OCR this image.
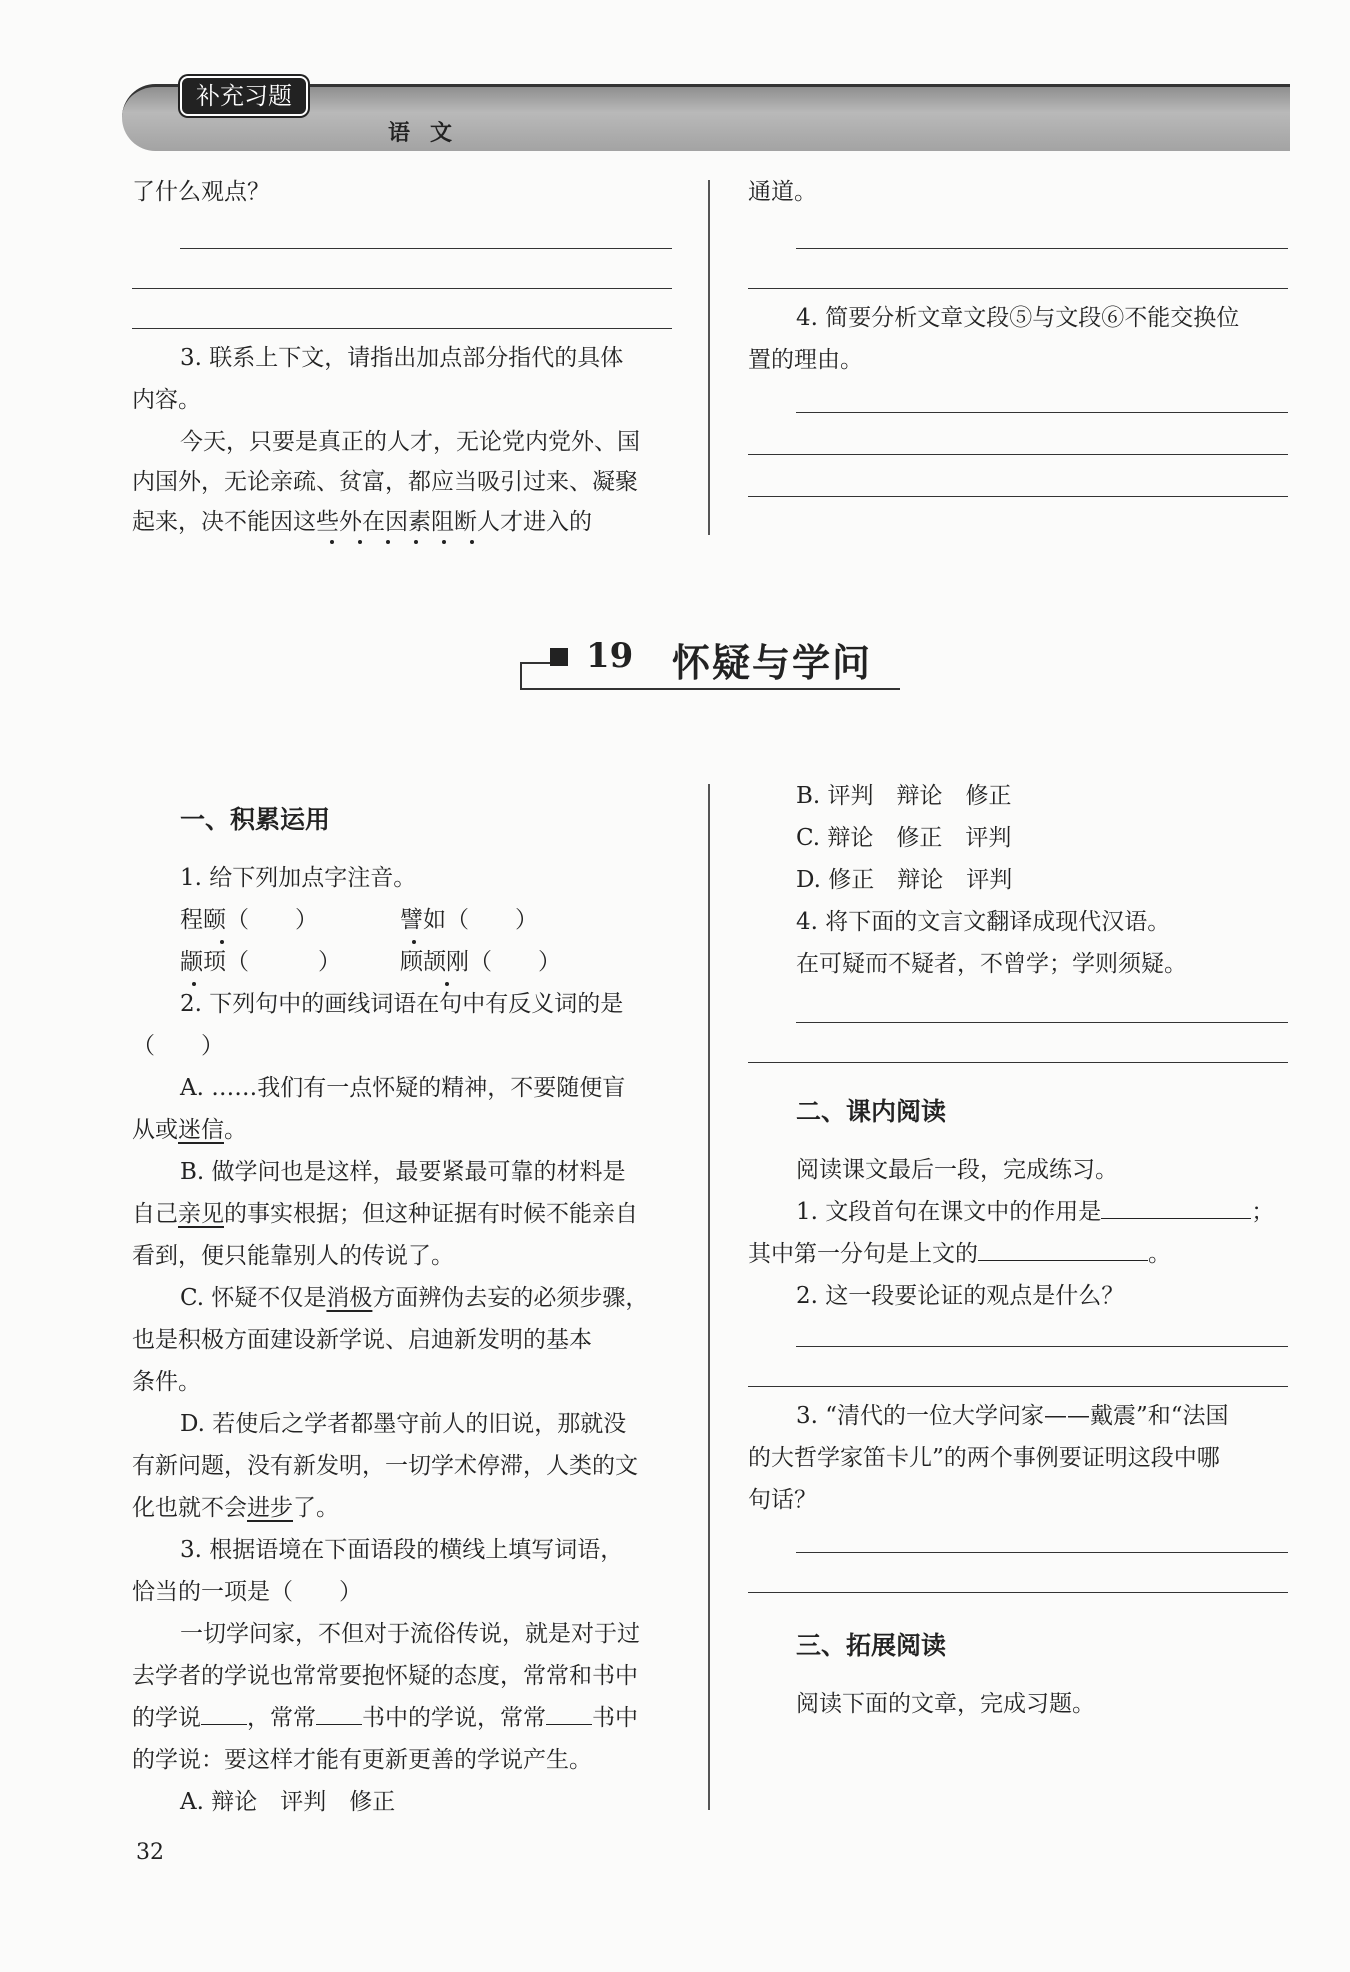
补充习题
语文
了什么观点？
3. 联系上下文，请指出加点部分指代的具体
内容。
今天，只要是真正的人才，无论党内党外、国
内国外，无论亲疏、贫富，都应当吸引过来、凝聚
起来，决不能因这些外在因素阻断人才进入的
通道。
4. 简要分析文章文段⑤与文段⑥不能交换位
置的理由。
19 怀疑与学问
一、积累运用
1. 给下列加点字注音。
程颐（　　）	譬如（　　）
颛顼（　　　）	顾颉刚（　　）
2. 下列句中的画线词语在句中有反义词的是
（　　）
A. ……我们有一点怀疑的精神，不要随便盲
从或迷信。
B. 做学问也是这样，最要紧最可靠的材料是
自己亲见的事实根据；但这种证据有时候不能亲自
看到，便只能靠别人的传说了。
C. 怀疑不仅是消极方面辨伪去妄的必须步骤，
也是积极方面建设新学说、启迪新发明的基本
条件。
D. 若使后之学者都墨守前人的旧说，那就没
有新问题，没有新发明，一切学术停滞，人类的文
化也就不会进步了。
3. 根据语境在下面语段的横线上填写词语，
恰当的一项是（　　）
一切学问家，不但对于流俗传说，就是对于过
去学者的学说也常常要抱怀疑的态度，常常和书中
的学说 ，常常 书中的学说，常常 书中
的学说：要这样才能有更新更善的学说产生。
A. 辩论　评判　修正
B. 评判　辩论　修正
C. 辩论　修正　评判
D. 修正　辩论　评判
4. 将下面的文言文翻译成现代汉语。
在可疑而不疑者，不曾学；学则须疑。
二、课内阅读
阅读课文最后一段，完成练习。
1. 文段首句在课文中的作用是	；
其中第一分句是上文的	。
2. 这一段要论证的观点是什么？
3. “清代的一位大学问家——戴震”和“法国
的大哲学家笛卡儿”的两个事例要证明这段中哪
句话？
三、拓展阅读
阅读下面的文章，完成习题。
32
